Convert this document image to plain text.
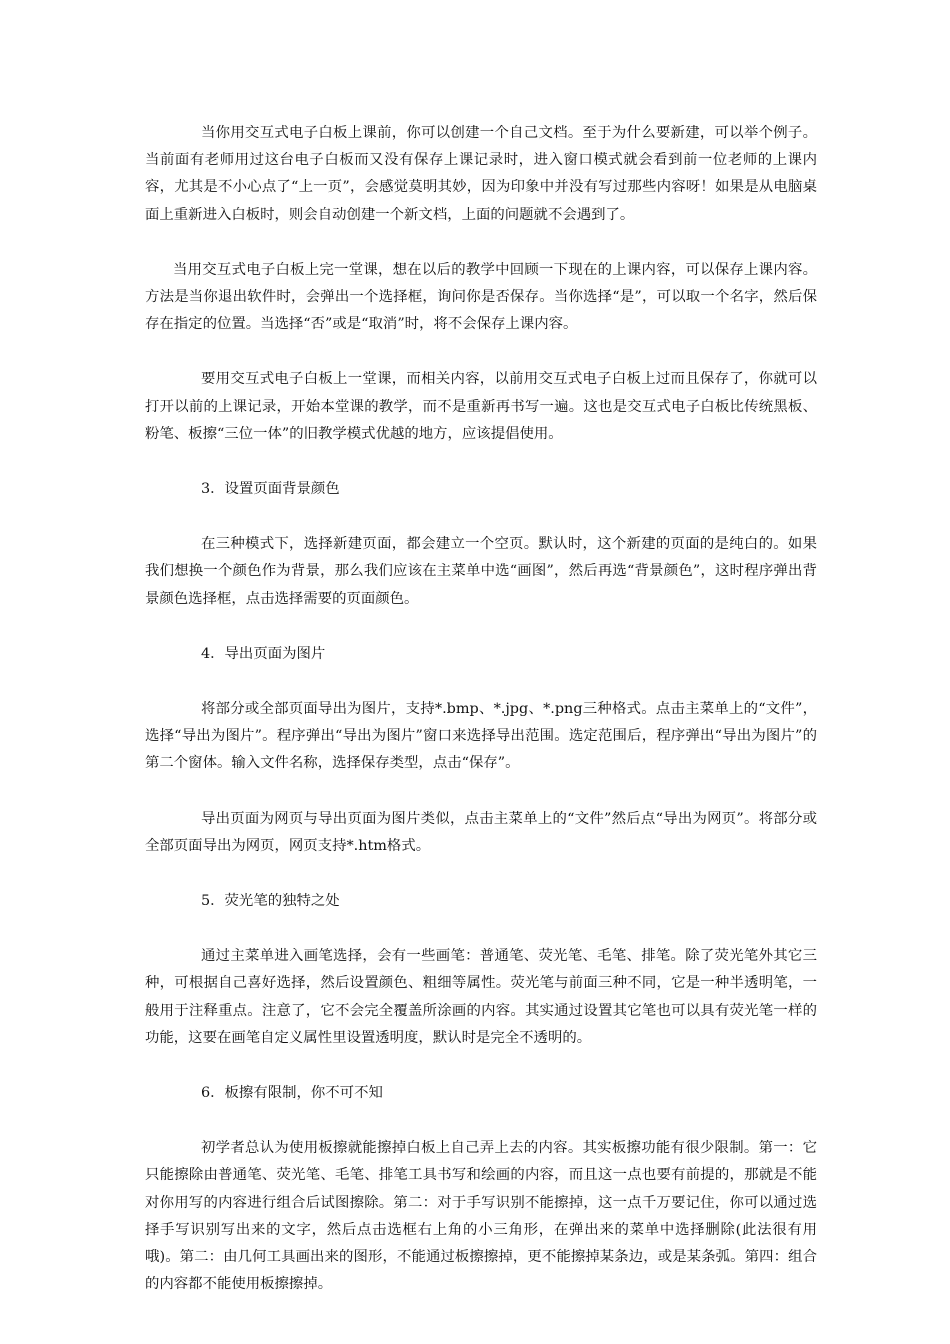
当你用交互式电子白板上课前，你可以创建一个自己文档。至于为什么要新建，可以举个例子。当前面有老师用过这台电子白板而又没有保存上课记录时，进入窗口模式就会看到前一位老师的上课内容，尤其是不小心点了“上一页”，会感觉莫明其妙，因为印象中并没有写过那些内容呀！如果是从电脑桌面上重新进入白板时，则会自动创建一个新文档，上面的问题就不会遇到了。

当用交互式电子白板上完一堂课，想在以后的教学中回顾一下现在的上课内容，可以保存上课内容。方法是当你退出软件时，会弹出一个选择框，询问你是否保存。当你选择“是”，可以取一个名字，然后保存在指定的位置。当选择“否”或是“取消”时，将不会保存上课内容。

要用交互式电子白板上一堂课，而相关内容，以前用交互式电子白板上过而且保存了，你就可以打开以前的上课记录，开始本堂课的教学，而不是重新再书写一遍。这也是交互式电子白板比传统黑板、粉笔、板擦“三位一体”的旧教学模式优越的地方，应该提倡使用。

3．设置页面背景颜色

在三种模式下，选择新建页面，都会建立一个空页。默认时，这个新建的页面的是纯白的。如果我们想换一个颜色作为背景，那么我们应该在主菜单中选“画图”，然后再选“背景颜色”，这时程序弹出背景颜色选择框，点击选择需要的页面颜色。

4．导出页面为图片

将部分或全部页面导出为图片，支持*.bmp、*.jpg、*.png三种格式。点击主菜单上的“文件”，选择“导出为图片”。程序弹出“导出为图片”窗口来选择导出范围。选定范围后，程序弹出“导出为图片”的第二个窗体。输入文件名称，选择保存类型，点击“保存”。

导出页面为网页与导出页面为图片类似，点击主菜单上的“文件”然后点“导出为网页”。将部分或全部页面导出为网页，网页支持*.htm格式。

5．荧光笔的独特之处

通过主菜单进入画笔选择，会有一些画笔：普通笔、荧光笔、毛笔、排笔。除了荧光笔外其它三种，可根据自己喜好选择，然后设置颜色、粗细等属性。荧光笔与前面三种不同，它是一种半透明笔，一般用于注释重点。注意了，它不会完全覆盖所涂画的内容。其实通过设置其它笔也可以具有荧光笔一样的功能，这要在画笔自定义属性里设置透明度，默认时是完全不透明的。

6．板擦有限制，你不可不知

初学者总认为使用板擦就能擦掉白板上自己弄上去的内容。其实板擦功能有很少限制。第一：它只能擦除由普通笔、荧光笔、毛笔、排笔工具书写和绘画的内容，而且这一点也要有前提的，那就是不能对你用写的内容进行组合后试图擦除。第二：对于手写识别不能擦掉，这一点千万要记住，你可以通过选择手写识别写出来的文字，然后点击选框右上角的小三角形，在弹出来的菜单中选择删除(此法很有用哦)。第二：由几何工具画出来的图形，不能通过板擦擦掉，更不能擦掉某条边，或是某条弧。第四：组合的内容都不能使用板擦擦掉。
